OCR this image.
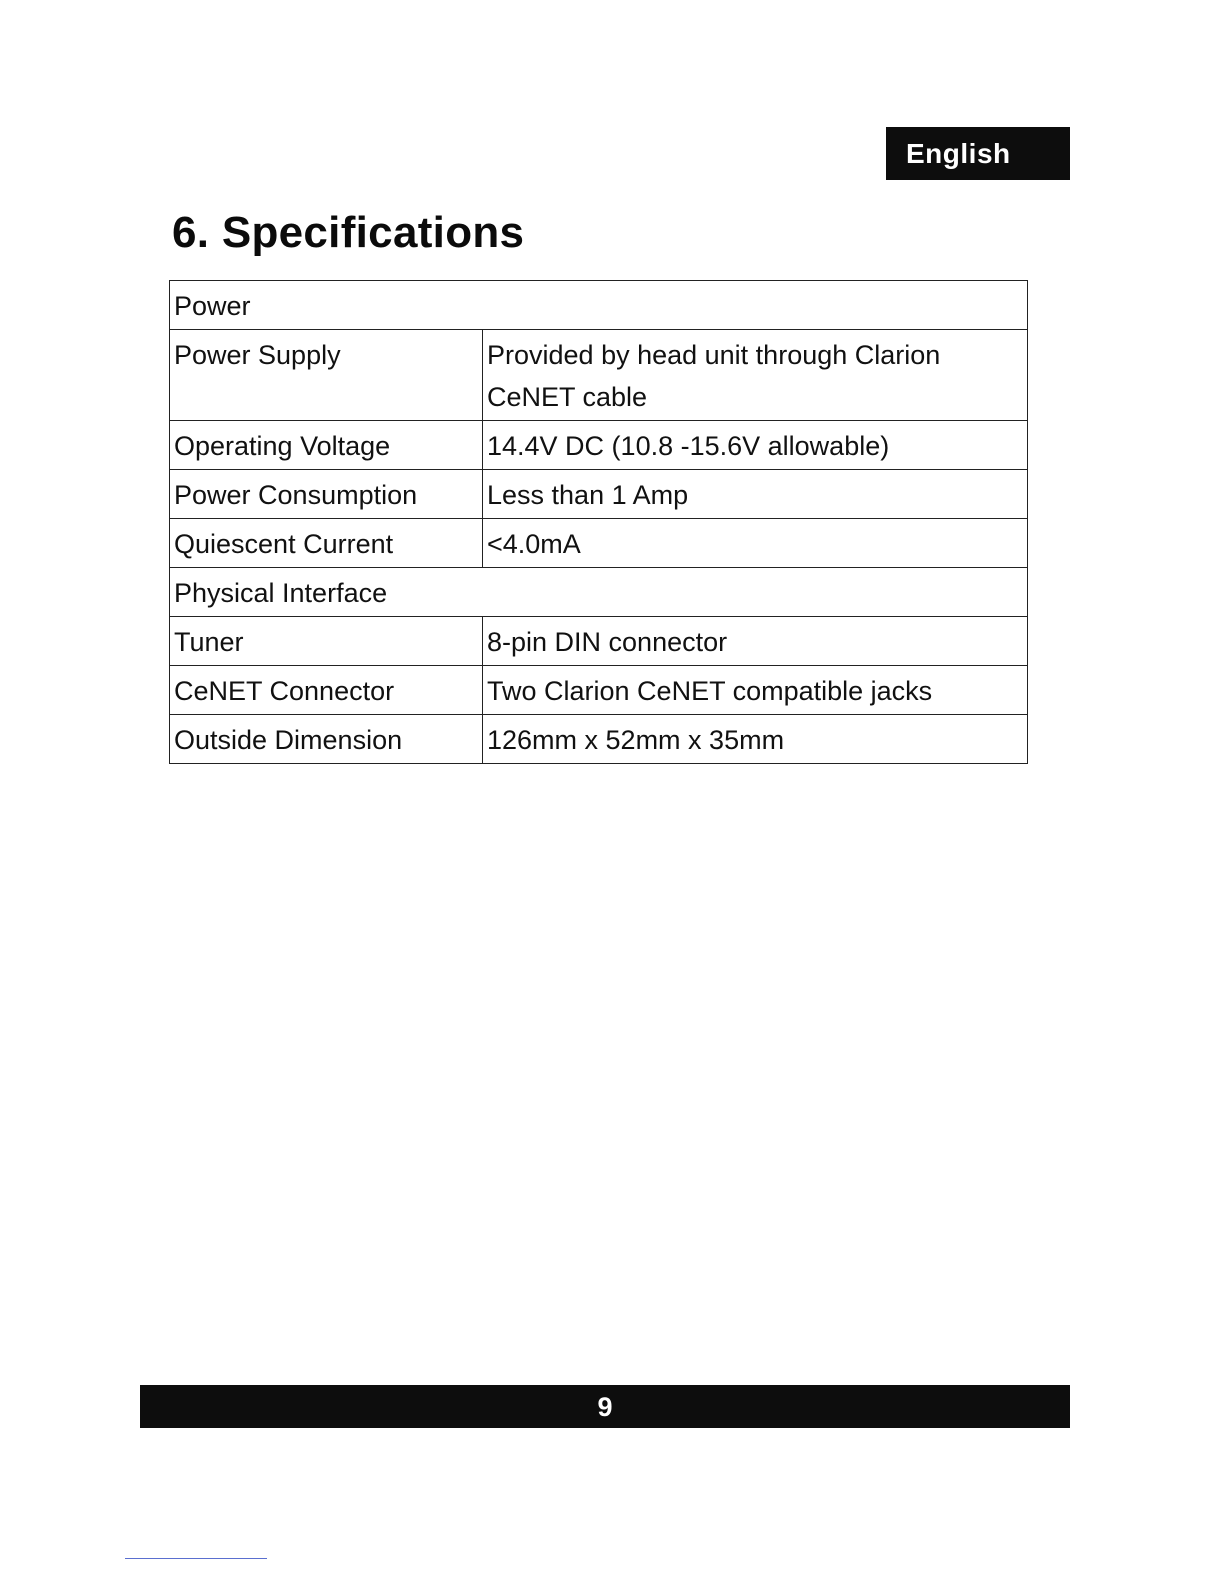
English
6. Specifications
Power	
Power Supply	Provided by head unit through Clarion CeNET cable
Operating Voltage	14.4V DC (10.8 -15.6V allowable)
Power Consumption	Less than 1 Amp
Quiescent Current	<4.0mA
Physical Interface	
Tuner	8-pin DIN connector
CeNET Connector	Two Clarion CeNET compatible jacks
Outside Dimension	126mm x 52mm x 35mm
9
